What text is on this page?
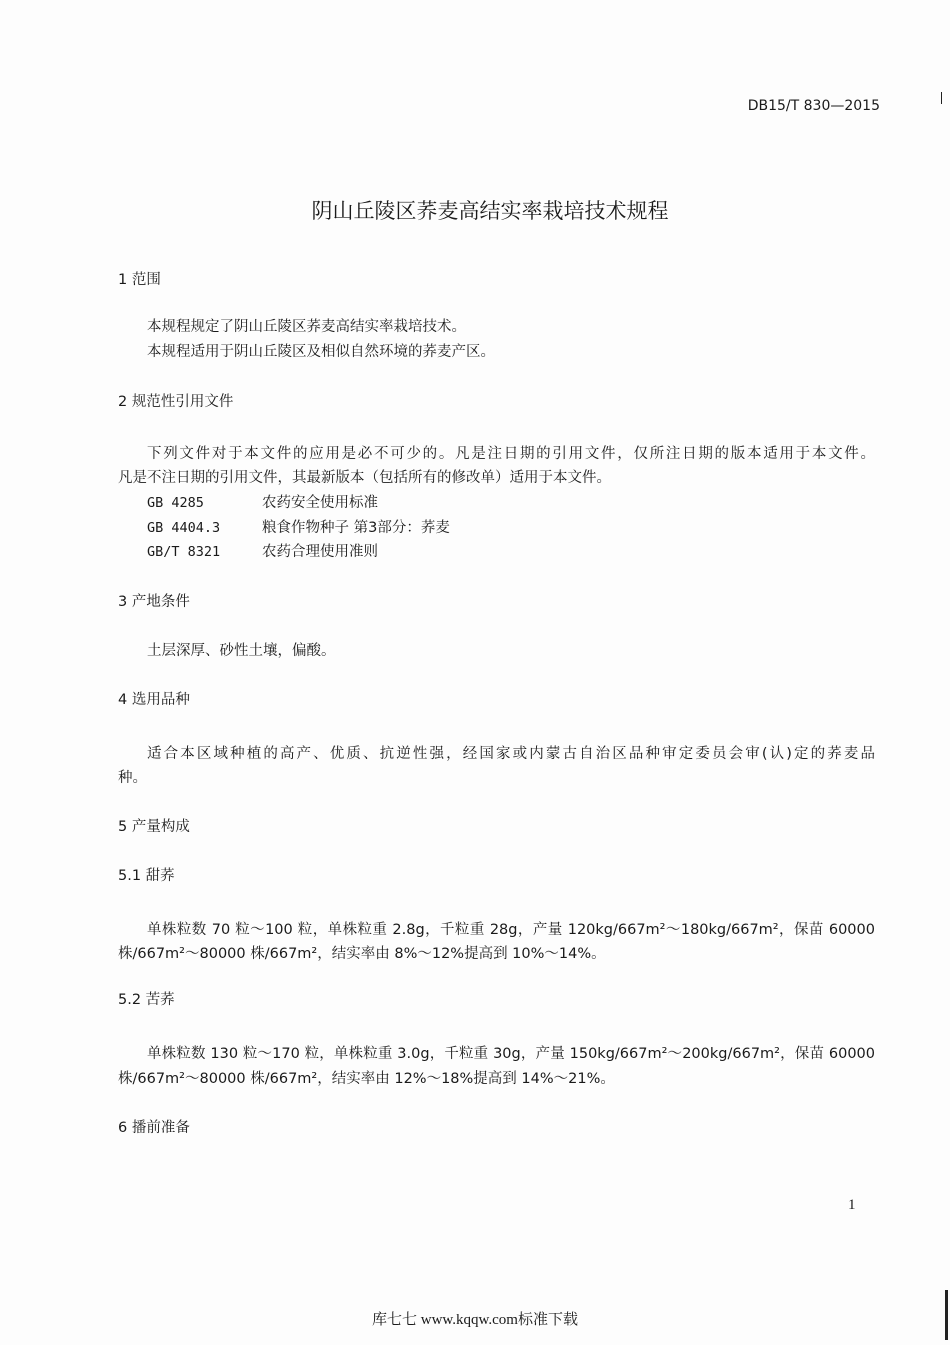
DB15/T 830—2015
阴山丘陵区荞麦高结实率栽培技术规程
1 范围
本规程规定了阴山丘陵区荞麦高结实率栽培技术。
本规程适用于阴山丘陵区及相似自然环境的荞麦产区。
2 规范性引用文件
下列文件对于本文件的应用是必不可少的。凡是注日期的引用文件，仅所注日期的版本适用于本文件。
凡是不注日期的引用文件，其最新版本（包括所有的修改单）适用于本文件。
GB 4285	农药安全使用标准
GB 4404.3	粮食作物种子 第3部分：荞麦
GB/T 8321	农药合理使用准则
3 产地条件
土层深厚、砂性土壤，偏酸。
4 选用品种
适合本区域种植的高产、优质、抗逆性强，经国家或内蒙古自治区品种审定委员会审(认)定的荞麦品
种。
5 产量构成
5.1 甜荞
单株粒数 70 粒～100 粒，单株粒重 2.8g，千粒重 28g，产量 120kg/667m²～180kg/667m²，保苗 60000
株/667m²～80000 株/667m²，结实率由 8%～12%提高到 10%～14%。
5.2 苦荞
单株粒数 130 粒～170 粒，单株粒重 3.0g，千粒重 30g，产量 150kg/667m²～200kg/667m²，保苗 60000
株/667m²～80000 株/667m²，结实率由 12%～18%提高到 14%～21%。
6 播前准备
1
库七七 www.kqqw.com标准下载
